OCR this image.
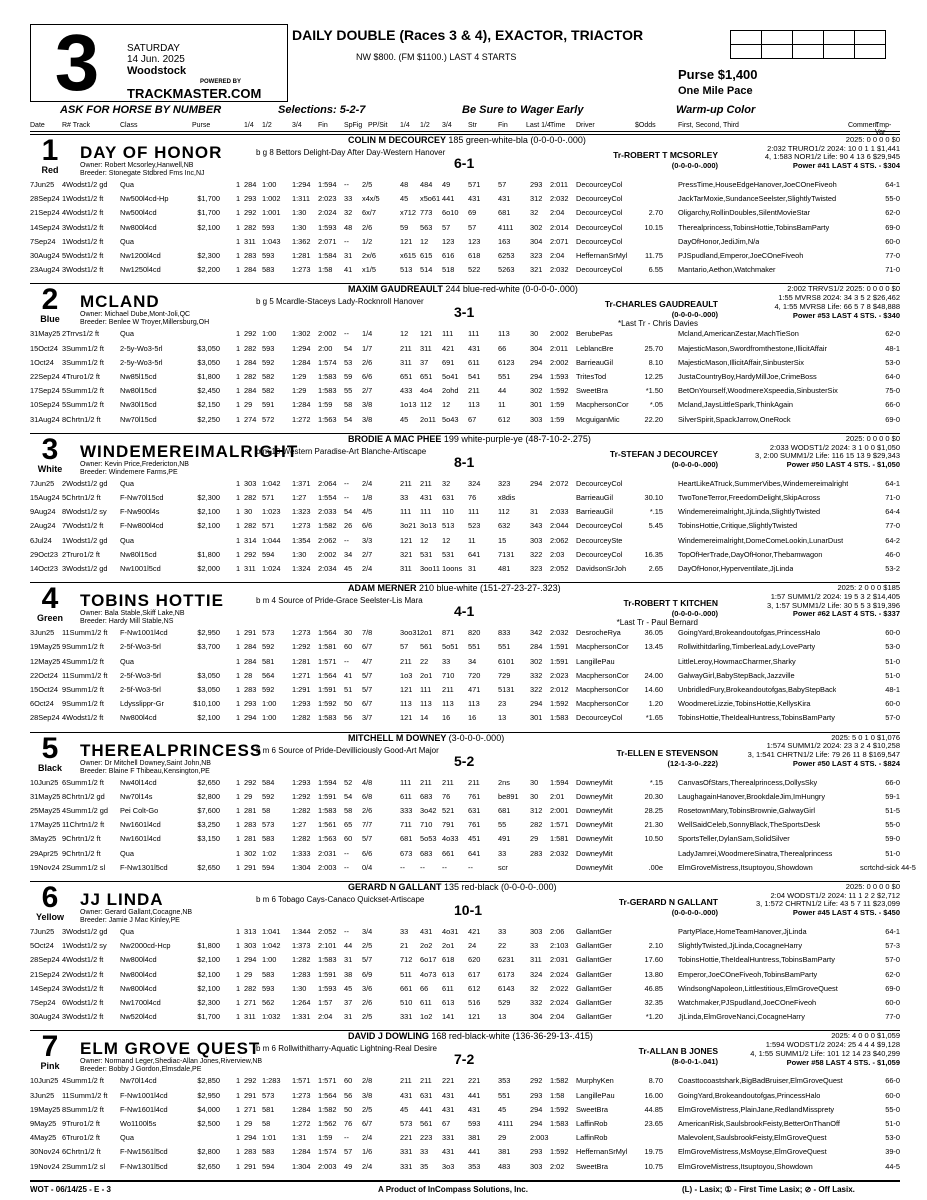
3	SATURDAY
14 Jun. 2025
Woodstock
POWERED BY
TRACKMASTER.COM
DAILY DOUBLE (Races 3 & 4), EXACTOR, TRIACTOR
NW $800. (FM $1100.) LAST 4 STARTS
Purse $1,400
One Mile Pace

ASK FOR HORSE BY NUMBER	Selections: 5-2-7	Be Sure to Wager Early	Warm-up Color
Date R# Track	Class	Purse	1/4 1/2	3/4 Fin SpFig PP/Sit 1/4 1/2 3/4 Str	Fin	Last 1/4 Time Driver	$Odds	First, Second, Third	Comment
Tmp-Var
1
Red
DAY OF HONOR	b g 8 Bettors Delight-Day After Day-Western Hanover
COLIN M DECOURCEY 185 green-white-bla (0-0-0-0-.000)
Owner: Robert Mcsorley,Hanwell,NB
Breeder: Stonegate Stdbred Fms Inc,NJ
6-1	Tr-ROBERT T MCSORLEY
(0-0-0-0-.000)
2025: 0 0 0 0 $0
2:032 TRURO1/2 2024: 10 0 1 1 $1,441
4, 1:583 NOR1/2 Life: 90 4 13 6 $29,945
Power #41 LAST 4 STS. - $304
7Jun25 4Wodst1/2 gd Qua	1 284 1:00 1:294 1:594 -- 2/5	48 484 49 571 57	293 2:011 DecourceyCol	PressTime,HouseEdgeHanover,JoeCOneFiveoh	64-1
28Sep24 1Wodst1/2 ft Nw500l4cd-Hp	$1,700 1 293 1:002 1:311 2:023 33 x4x/5	45 x5o61 441 431 431	312 2:032 DecourceyCol	JackTarMoxie,SundanceSeelster,SlightlyTwisted	55-0
21Sep24 4Wodst1/2 ft Nw500l4cd	$1,700 1 292 1:001 1:30 2:024 32 6x/7	x712 773 6o10 69	681	32 2:04 DecourceyCol	2.70 Oligarchy,RollinDoubles,SilentMovieStar	62-0
14Sep24 3Wodst1/2 ft Nw800l4cd	$2,100 1 282 593 1:30 1:593 48 2/6	59 563 57 57	4111 302 2:014 DecourceyCol	10.15 Therealprincess,TobinsHottie,TobinsBamParty	69-0
7Sep24 1Wodst1/2 ft Qua	1 311 1:043 1:362 2:071 -- 1/2	121 12 123 123 163	304 2:071 DecourceyCol	DayOfHonor,JediJim,N/a	60-0
30Aug24 5Wodst1/2 ft Nw1200l4cd	$2,300 1 283 593 1:281 1:584 31 2x/6	x615 615 616 618 6253 323 2:04 HeffernanSrMyl	11.75 PJSpudland,Emperor,JoeCOneFiveoh	77-0
23Aug24 3Wodst1/2 ft Nw1250l4cd	$2,200 1 284 583 1:273 1:58 41 x1/5	513 514 518 522 5263 321 2:032 DecourceyCol	6.55 Mantario,Aethon,Watchmaker	71-0
2
Blue
MCLAND	b g 5 Mcardle-Staceys Lady-Rocknroll Hanover
MAXIM GAUDREAULT 244 blue-red-white (0-0-0-0-.000)
Owner: Michael Dube,Mont-Joli,QC
Breeder: Benlee W Troyer,Millersburg,OH
3-1	Tr-CHARLES GAUDREAULT
(0-0-0-0-.000)
*Last Tr - Chris Davies
2:002 TRRVS1/2 2025: 0 0 0 0 $0
1:55 MVRS8 2024: 34 3 5 2 $26,462
4, 1:55 MVRS8 Life: 66 5 7 8 $48,888
Power #53 LAST 4 STS. - $340
31May25 2Trrvs1/2 ft	Qua	1 292 1:00 1:302 2:002 -- 1/4	12 121 111 111	113	30 2:002 BerubePas	Mcland,AmericanZestar,MachTieSon	62-0
15Oct24 3Summ1/2 ft 2-5y-Wo3-5rl	$3,050 1 282 593 1:294 2:00 54 1/7	211 311 421 431 66	304 2:011 LeblancBre	25.70 MajesticMason,Swordfromthestone,IllicitAffair	48-1
1Oct24 3Summ1/2 ft 2-5y-Wo3-5rl	$3,050 1 284 592 1:284 1:574 53 2/6	311 37 691 611 6123 294 2:002 BarrieauGil	8.10 MajesticMason,IllicitAffair,SinbusterSix	53-0
22Sep24 4Truro1/2 ft	Nw85l15cd	$1,800 1 282 582 1:29 1:583 59 6/6	651 651 5o41 541 551	294 1:593 TritesTod	12.25 JustaCountryBoy,HardyMillJoe,CrimeBoss	64-0
17Sep24 5Summ1/2 ft Nw80l15cd	$2,450 1 284 582 1:29 1:583 55 2/7	433 4o4 2ohd 211 44	302 1:592 SweetBra	*1.50 BetOnYourself,WoodmereXspeedia,SinbusterSix	75-0
10Sep24 5Summ1/2 ft Nw30l15cd	$2,150 1 29 591 1:284 1:59 58 3/8	1o13 112 12 113 11	301 1:59 MacphersonCor	*.05 Mcland,JaysLittleSpark,ThinkAgain	66-0
31Aug24 8Chrtn1/2 ft	Nw70l15cd	$2,250 1 274 572 1:272 1:563 54 3/8	45 2o11 5o43 67	612	303 1:59 McguiganMic	22.20 SilverSpirit,SpackJarrow,OneRock	69-0
3
White
WINDEMEREIMALRIGHT
b m 10 Western Paradise-Art Blanche-Artiscape
BRODIE A MAC PHEE 199 white-purple-ye (48-7-10-2-.275)
Owner: Kevin Price,Fredericton,NB
Breeder: Windemere Farms,PE
8-1	Tr-STEFAN J DECOURCEY
(0-0-0-0-.000)
2025: 0 0 0 0 $0
2:033 WODST1/2 2024: 3 1 0 0 $1,050
3, 2:00 SUMM1/2 Life: 116 15 13 9 $29,343
Power #50 LAST 4 STS. - $1,050
7Jun25 2Wodst1/2 gd Qua	1 303 1:042 1:371 2:064 -- 2/4	211 211 32 324 323	294 2:072 DecourceyCol	HeartLikeATruck,SummerVibes,Windemereimalright	64-1
15Aug24 5Chrtn1/2 ft	F-Nw70l15cd	$2,300 1 282 571 1:27 1:554 -- 1/8	33 431 631 76	x8dis	BarrieauGil	30.10 TwoToneTerror,FreedomDelight,SkipAcross	71-0
9Aug24 8Wodst1/2 sy F-Nw900l4s	$2,100 1 30 1:023 1:323 2:033 54 4/5	111 111 110 111	112	31 2:033 BarrieauGil	*.15 Windemereimalright,JjLinda,SlightlyTwisted	64-4
2Aug24 7Wodst1/2 ft F-Nw800l4cd	$2,100 1 282 571 1:273 1:582 26 6/6	3o21 3o13 513 523 632	343 2:044 DecourceyCol	5.45 TobinsHottie,Critique,SlightlyTwisted	77-0
6Jul24 1Wodst1/2 gd Qua	1 314 1:044 1:354 2:062 -- 3/3	121 12 12 11	15	303 2:062 DecourceySte	Windemereimalright,DomeComeLookin,LunarDust	64-2
29Oct23 2Truro1/2 ft	Nw80l15cd	$1,800 1 292 594 1:30 2:002 34 2/7	321 531 531 641 7131 322 2:03 DecourceyCol	16.35 TopOfHerTrade,DayOfHonor,Thebamwagon	46-0
14Oct23 3Wodst1/2 gd Nw1001l5cd	$2,000 1 311 1:024 1:324 2:034 45 2/4	311 3oo11 1oons 31	481	323 2:052 DavidsonSrJoh	2.65 DayOfHonor,Hyperventilate,JjLinda	53-2
4
Green
TOBINS HOTTIE	b m 4 Source of Pride-Grace Seelster-Lis Mara
ADAM MERNER 210 blue-white (151-27-23-27-.323)
Owner: Bala Stable,Skiff Lake,NB
Breeder: Hardy Mill Stable,NS
4-1	Tr-ROBERT T KITCHEN
(0-0-0-0-.000)
*Last Tr - Paul Bernard
2025: 2 0 0 0 $185
1:57 SUMM1/2 2024: 19 5 3 2 $14,405
3, 1:57 SUMM1/2 Life: 30 5 5 3 $19,396
Power #62 LAST 4 STS. - $337
3Jun25 11Summ1/2 ft F-Nw1001l4cd	$2,950 1 291 573 1:273 1:564 30 7/8	3oo31 2o1 871 820 833	342 2:032 DesrocheRya	36.05 GoingYard,Brokeandoutofgas,PrincessHalo	60-0
19May25 9Summ1/2 ft 2-5f-Wo3-5rl	$3,700 1 284 592 1:292 1:581 60 6/7	57 561 5o51 551 551	284 1:591 MacphersonCor	13.45 Rollwithitdarling,TimberleaLady,LoveParty	53-0
12May25 4Summ1/2 ft Qua	1 284 581 1:281 1:571 -- 4/7	211 22 33 34	6101 302 1:591 LangillePau	LittleLeroy,HowmacCharmer,Sharky	51-0
22Oct24 11Summ1/2 ft 2-5f-Wo3-5rl	$3,050 1 28 564 1:271 1:564 41 5/7	1o3 2o1 710 720 729	332 2:023 MacphersonCor	24.00 GalwayGirl,BabyStepBack,Jazzville	51-0
15Oct24 9Summ1/2 ft 2-5f-Wo3-5rl	$3,050 1 283 592 1:291 1:591 51 5/7	121 111 211 471 5131 322 2:012 MacphersonCor	14.60 UnbridledFury,Brokeandoutofgas,BabyStepBack	48-1
6Oct24 9Summ1/2 ft Ldysslippr-Gr	$10,100 1 293 1:00 1:293 1:592 50 6/7	113 113 113 113 23	294 1:592 MacphersonCor	1.20 WoodmereLizzie,TobinsHottie,KellysKira	60-0
28Sep24 4Wodst1/2 ft Nw800l4cd	$2,100 1 294 1:00 1:282 1:583 56 3/7	121 14 16 16	13	301 1:583 DecourceyCol	*1.65 TobinsHottie,TheIdealHuntress,TobinsBamParty	57-0
5
Black
THEREALPRINCESS
b m 6 Source of Pride-Devilliciously Good-Art Major
MITCHELL M DOWNEY (3-0-0-0-.000)
Owner: Dr Mitchell Downey,Saint John,NB
Breeder: Blaine F Thibeau,Kensington,PE
5-2	Tr-ELLEN E STEVENSON
(12-1-3-0-.222)
2025: 5 0 1 0 $1,076
1:574 SUMM1/2 2024: 23 3 2 4 $10,258
3, 1:541 CHRTN1/2 Life: 79 26 11 8 $169,547
Power #50 LAST 4 STS. - $824
10Jun25 6Summ1/2 ft Nw40l14cd	$2,650 1 292 584 1:293 1:594 52 4/8	111 211 211 211 2ns	30 1:594 DowneyMit	*.15 CanvasOfStars,Therealprincess,DollysSky	66-0
31May25 8Chrtn1/2 gd Nw70l14s	$2,800 1 29 592 1:292 1:591 54 6/8	611 683 76 761 be891 30 2:01 DowneyMit	20.30 LaughagainHanover,BrookdaleJim,ImHungry	59-1
25May25 4Summ1/2 gd Pei Colt-Go	$7,600 1 281 58	1:282 1:583 58 2/6	333 3o42 521 631 681	312 2:001 DowneyMit	28.25 RosetownMary,TobinsBrownie,GalwayGirl	51-5
17May25 11Chrtn1/2 ft Nw1601l4cd	$3,250 1 283 573 1:27 1:561 65 7/7	711 710 791 761 55	282 1:571 DowneyMit	21.30 WellSaidCeleb,SonnyBlack,TheSportsDesk	55-0
3May25 9Chrtn1/2 ft	Nw1601l4cd	$3,150 1 281 583 1:282 1:563 60 5/7	681 5o53 4o33 451 491	29 1:581 DowneyMit	10.50 SportsTeller,DylanSam,SolidSilver	59-0
29Apr25 9Chrtn1/2 ft	Qua	1 302 1:02 1:333 2:031 -- 6/6	673 683 661 641 33	283 2:032 DowneyMit	LadyJamrei,WoodmereSinatra,Therealprincess	51-0
19Nov24 2Summ1/2 sl F-Nw1301l5cd	$2,650 1 291 594 1:304 2:003 -- 0/4	-- -- --	--	scr	DowneyMit	.00e ElmGroveMistress,Itsuptoyou,Showdown	scrtchd-sick 44-5
6
Yellow
JJ LINDA	b m 6 Tobago Cays-Canaco Quickset-Artiscape
GERARD N GALLANT 135 red-black (0-0-0-0-.000)
Owner: Gerard Gallant,Cocagne,NB
Breeder: Jamie J Mac Kinley,PE
10-1	Tr-GERARD N GALLANT
(0-0-0-0-.000)
2025: 0 0 0 0 $0
2:04 WODST1/2 2024: 11 1 2 2 $2,712
3, 1:572 CHRTN1/2 Life: 43 5 7 11 $23,099
Power #45 LAST 4 STS. - $450
7Jun25 3Wodst1/2 gd Qua	1 313 1:041 1:344 2:052 -- 3/4	33 431 4o31 421 33	303 2:06 GallantGer	PartyPlace,HomeTeamHanover,JjLinda	64-1
5Oct24 1Wodst1/2 sy Nw2000cd-Hcp	$1,800 1 303 1:042 1:373 2:101 44 2/5	21 2o2 2o1 24	22	33 2:103 GallantGer	2.10 SlightlyTwisted,JjLinda,CocagneHarry	57-3
28Sep24 4Wodst1/2 ft Nw800l4cd	$2,100 1 294 1:00 1:282 1:583 31 5/7	712 6o17 618 620 6231 311 2:031 GallantGer	17.60 TobinsHottie,TheIdealHuntress,TobinsBamParty	57-0
21Sep24 2Wodst1/2 ft Nw800l4cd	$2,100 1 29 583 1:283 1:591 38 6/9	511 4o73 613 617 6173 324 2:024 GallantGer	13.80 Emperor,JoeCOneFiveoh,TobinsBamParty	62-0
14Sep24 3Wodst1/2 ft Nw800l4cd	$2,100 1 282 593 1:30 1:593 45 3/6	661 66 611 612 6143 32 2:022 GallantGer	46.85 WindsongNapoleon,Littlestitious,ElmGroveQuest	69-0
7Sep24 6Wodst1/2 ft Nw1700l4cd	$2,300 1 271 562 1:264 1:57 37 2/6	510 611 613 516 529	332 2:024 GallantGer	32.35 Watchmaker,PJSpudland,JoeCOneFiveoh	60-0
30Aug24 3Wodst1/2 ft Nw520l4cd	$1,700 1 311 1:032 1:331 2:04 31 2/5	331 1o2 141 121 13	304 2:04 GallantGer	*1.20 JjLinda,ElmGroveNanci,CocagneHarry	77-0
7
Pink
ELM GROVE QUEST
b m 6 Rollwithitharry-Aquatic Lightning-Real Desire
DAVID J DOWLING 168 red-black-white (136-36-29-13-.415)
Owner: Normand Leger,Shediac-Allan Jones,Riverview,NB
Breeder: Bobby J Gordon,Elmsdale,PE
7-2	Tr-ALLAN B JONES
(8-0-0-1-.041)
2025: 4 0 0 0 $1,059
1:594 WODST1/2 2024: 25 4 4 4 $9,128
4, 1:55 SUMM1/2 Life: 101 12 14 23 $40,299
Power #58 LAST 4 STS. - $1,059
10Jun25 4Summ1/2 ft Nw70l14cd	$2,850 1 292 1:283 1:571 1:571 60 2/8	211 211 221 221 353	292 1:582 MurphyKen	8.70 Coasttocoastshark,BigBadBruiser,ElmGroveQuest	66-0
3Jun25 11Summ1/2 ft F-Nw1001l4cd	$2,950 1 291 573 1:273 1:564 56 3/8	431 631 431 441 551	293 1:58 LangillePau	16.00 GoingYard,Brokeandoutofgas,PrincessHalo	60-0
19May25 8Summ1/2 ft F-Nw1601l4cd	$4,000 1 271 581 1:284 1:582 50 2/5	45 441 431 431 45	294 1:592 SweetBra	44.85 ElmGroveMistress,PlainJane,RedlandMissprety	55-0
9May25 9Truro1/2 ft	Wo1100l5s	$2,500 1 29 58	1:272 1:562 76 6/7	573 561 67 593 4111 294 1:583 LaffinRob	23.65 AmericanRisk,SaulsbrookFeisty,BetterOnThanOff	51-0
4May25 6Truro1/2 ft	Qua	1 294 1:01 1:31 1:59 -- 2/4	221 223 331 381 29	2:003	LaffinRob	Malevolent,SaulsbrookFeisty,ElmGroveQuest	53-0
30Nov24 6Chrtn1/2 ft	F-Nw1561l5cd	$2,800 1 283 583 1:284 1:574 57 1/6	331 33 431 441 381	293 1:592 HeffernanSrMyl	19.75 ElmGroveMistress,MsMoyse,ElmGroveQuest	39-0
19Nov24 2Summ1/2 sl F-Nw1301l5cd	$2,650 1 291 594 1:304 2:003 49 2/4	331 35 3o3 353 483	303 2:02 SweetBra	10.75 ElmGroveMistress,Itsuptoyou,Showdown	44-5
WOT - 06/14/25 - E - 3	A Product of InCompass Solutions, Inc.	(L) - Lasix; ① - First Time Lasix; ⊘ - Off Lasix.
